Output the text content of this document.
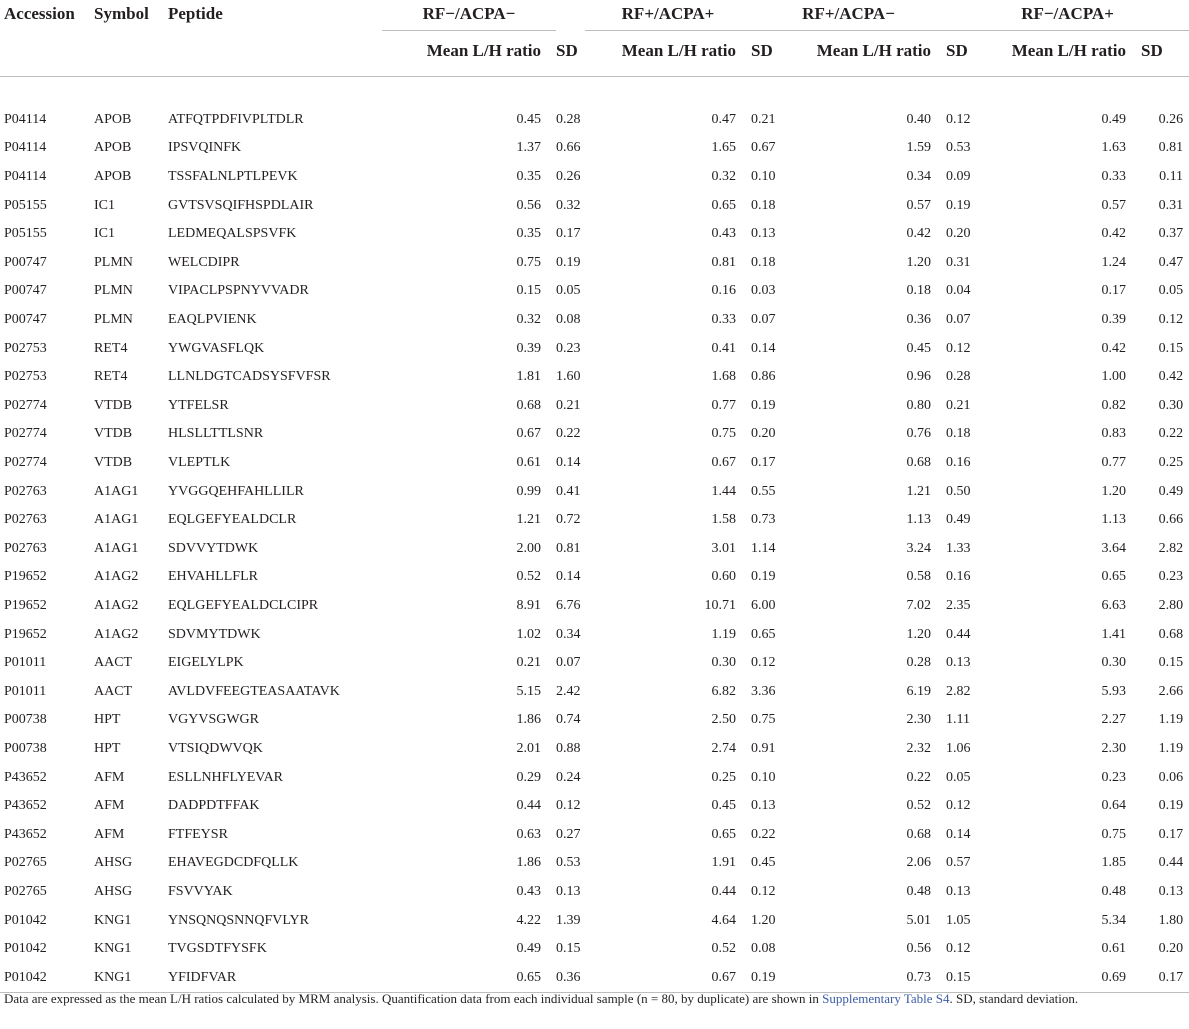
Accession	Symbol	Peptide	RF−/ACPA−		RF+/ACPA+			RF+/ACPA−			RF−/ACPA+			

			Mean L/H ratio		SD	Mean L/H ratio		SD	Mean L/H ratio		SD	Mean L/H ratio		SD

P04114	APOB	ATFQTPDFIVPLTDLR	0.45		0.28	0.47		0.21	0.40		0.12	0.49		0.26
P04114	APOB	IPSVQINFK	1.37		0.66	1.65		0.67	1.59		0.53	1.63		0.81
P04114	APOB	TSSFALNLPTLPEVK	0.35		0.26	0.32		0.10	0.34		0.09	0.33		0.11
P05155	IC1	GVTSVSQIFHSPDLAIR	0.56		0.32	0.65		0.18	0.57		0.19	0.57		0.31
P05155	IC1	LEDMEQALSPSVFK	0.35		0.17	0.43		0.13	0.42		0.20	0.42		0.37
P00747	PLMN	WELCDIPR	0.75		0.19	0.81		0.18	1.20		0.31	1.24		0.47
P00747	PLMN	VIPACLPSPNYVVADR	0.15		0.05	0.16		0.03	0.18		0.04	0.17		0.05
P00747	PLMN	EAQLPVIENK	0.32		0.08	0.33		0.07	0.36		0.07	0.39		0.12
P02753	RET4	YWGVASFLQK	0.39		0.23	0.41		0.14	0.45		0.12	0.42		0.15
P02753	RET4	LLNLDGTCADSYSFVFSR	1.81		1.60	1.68		0.86	0.96		0.28	1.00		0.42
P02774	VTDB	YTFELSR	0.68		0.21	0.77		0.19	0.80		0.21	0.82		0.30
P02774	VTDB	HLSLLTTLSNR	0.67		0.22	0.75		0.20	0.76		0.18	0.83		0.22
P02774	VTDB	VLEPTLK	0.61		0.14	0.67		0.17	0.68		0.16	0.77		0.25
P02763	A1AG1	YVGGQEHFAHLLILR	0.99		0.41	1.44		0.55	1.21		0.50	1.20		0.49
P02763	A1AG1	EQLGEFYEALDCLR	1.21		0.72	1.58		0.73	1.13		0.49	1.13		0.66
P02763	A1AG1	SDVVYTDWK	2.00		0.81	3.01		1.14	3.24		1.33	3.64		2.82
P19652	A1AG2	EHVAHLLFLR	0.52		0.14	0.60		0.19	0.58		0.16	0.65		0.23
P19652	A1AG2	EQLGEFYEALDCLCIPR	8.91		6.76	10.71		6.00	7.02		2.35	6.63		2.80
P19652	A1AG2	SDVMYTDWK	1.02		0.34	1.19		0.65	1.20		0.44	1.41		0.68
P01011	AACT	EIGELYLPK	0.21		0.07	0.30		0.12	0.28		0.13	0.30		0.15
P01011	AACT	AVLDVFEEGTEASAATAVK	5.15		2.42	6.82		3.36	6.19		2.82	5.93		2.66
P00738	HPT	VGYVSGWGR	1.86		0.74	2.50		0.75	2.30		1.11	2.27		1.19
P00738	HPT	VTSIQDWVQK	2.01		0.88	2.74		0.91	2.32		1.06	2.30		1.19
P43652	AFM	ESLLNHFLYEVAR	0.29		0.24	0.25		0.10	0.22		0.05	0.23		0.06
P43652	AFM	DADPDTFFAK	0.44		0.12	0.45		0.13	0.52		0.12	0.64		0.19
P43652	AFM	FTFEYSR	0.63		0.27	0.65		0.22	0.68		0.14	0.75		0.17
P02765	AHSG	EHAVEGDCDFQLLK	1.86		0.53	1.91		0.45	2.06		0.57	1.85		0.44
P02765	AHSG	FSVVYAK	0.43		0.13	0.44		0.12	0.48		0.13	0.48		0.13
P01042	KNG1	YNSQNQSNNQFVLYR	4.22		1.39	4.64		1.20	5.01		1.05	5.34		1.80
P01042	KNG1	TVGSDTFYSFK	0.49		0.15	0.52		0.08	0.56		0.12	0.61		0.20
P01042	KNG1	YFIDFVAR	0.65		0.36	0.67		0.19	0.73		0.15	0.69		0.17
Data are expressed as the mean L/H ratios calculated by MRM analysis. Quantification data from each individual sample (n = 80, by duplicate) are shown in Supplementary Table S4. SD, standard deviation.
